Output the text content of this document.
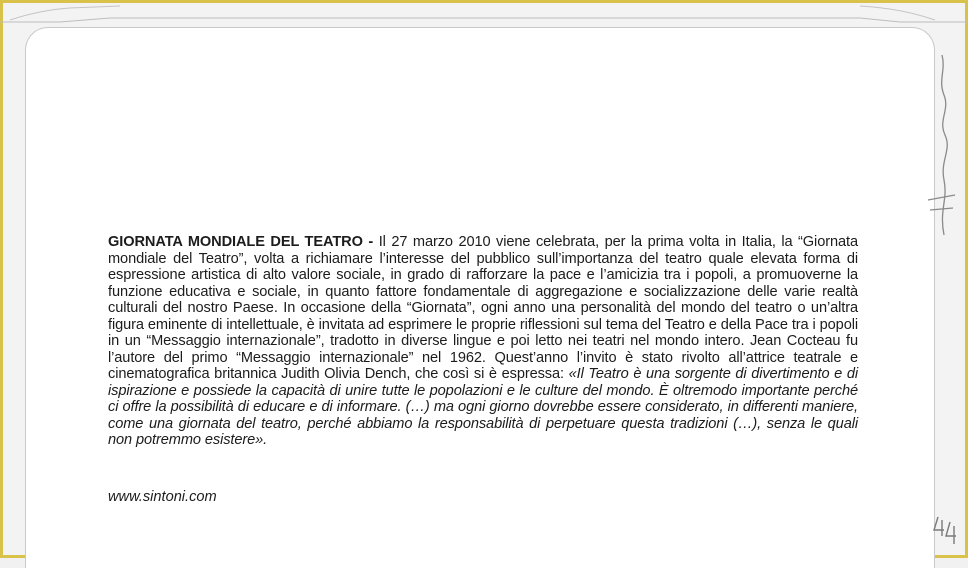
GIORNATA MONDIALE DEL TEATRO - Il 27 marzo 2010 viene celebrata, per la prima volta in Italia, la “Giornata mondiale del Teatro”, volta a richiamare l’interesse del pubblico sull’importanza del teatro quale elevata forma di espressione artistica di alto valore sociale, in grado di rafforzare la pace e l’amicizia tra i popoli, a promuoverne la funzione educativa e sociale, in quanto fattore fondamentale di aggregazione e socializzazione delle varie realtà culturali del nostro Paese. In occasione della “Giornata”, ogni anno una personalità del mondo del teatro o un’altra figura eminente di intellettuale, è invitata ad esprimere le proprie riflessioni sul tema del Teatro e della Pace tra i popoli in un “Messaggio internazionale”, tradotto in diverse lingue e poi letto nei teatri nel mondo intero. Jean Cocteau fu l’autore del primo “Messaggio internazionale” nel 1962. Quest’anno l’invito è stato rivolto all’attrice teatrale e cinematografica britannica Judith Olivia Dench, che così si è espressa: «Il Teatro è una sorgente di divertimento e di ispirazione e possiede la capacità di unire tutte le popolazioni e le culture del mondo. È oltremodo importante perché ci offre la possibilità di educare e di informare. (…) ma ogni giorno dovrebbe essere considerato, in differenti maniere, come una giornata del teatro, perché abbiamo la responsabilità di perpetuare questa tradizioni (…), senza le quali non potremmo esistere».
www.sintoni.com
